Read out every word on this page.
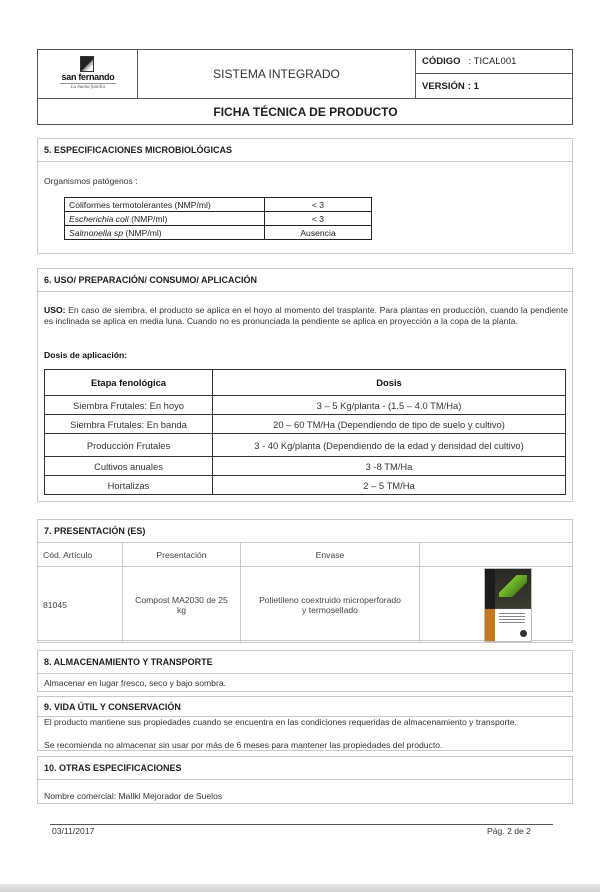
san fernando
La buena familia
SISTEMA INTEGRADO
CÓDIGO : TICAL001
VERSIÓN : 1
FICHA TÉCNICA DE PRODUCTO
5. ESPECIFICACIONES MICROBIOLÓGICAS
Organismos patógenos :
Coliformes termotolerantes (NMP/ml)	< 3
Escherichia coli (NMP/ml)	< 3
Salmonella sp (NMP/ml)	Ausencia
6. USO/ PREPARACIÓN/ CONSUMO/ APLICACIÓN
USO: En caso de siembra, el producto se aplica en el hoyo al momento del trasplante. Para plantas en producción, cuando la pendiente es inclinada se aplica en media luna. Cuando no es pronunciada la pendiente se aplica en proyección a la copa de la planta.
Dosis de aplicación:
Etapa fenológica	Dosis
Siembra Frutales: En hoyo	3 – 5 Kg/planta - (1.5 – 4.0 TM/Ha)
Siembra Frutales: En banda	20 – 60 TM/Ha (Dependiendo de tipo de suelo y cultivo)
Producción Frutales	3 - 40 Kg/planta (Dependiendo de la edad y densidad del cultivo)
Cultivos anuales	3 -8 TM/Ha
Hortalizas	2 – 5 TM/Ha
7. PRESENTACIÓN (ES)
Cód. Artículo	Presentación	Envase	
81045	Compost MA2030 de 25 kg	Polietileno coextruido microperforado y termosellado	
8. ALMACENAMIENTO Y TRANSPORTE
Almacenar en lugar fresco, seco y bajo sombra.
9. VIDA ÚTIL Y CONSERVACIÓN
El producto mantiene sus propiedades cuando se encuentra en las condiciones requeridas de almacenamiento y transporte.
Se recomienda no almacenar sin usar por más de 6 meses para mantener las propiedades del producto.
10. OTRAS ESPECIFICACIONES
Nombre comercial: Mallki Mejorador de Suelos
03/11/2017	Pág. 2 de 2
